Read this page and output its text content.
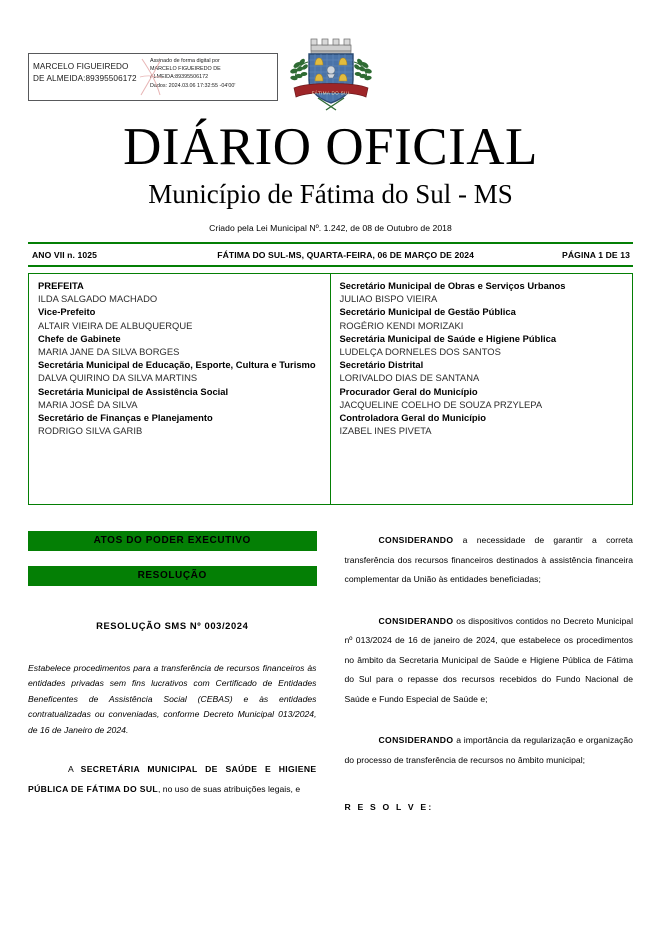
MARCELO FIGUEIREDO DE ALMEIDA:89395506172
Assinado de forma digital por
MARCELO FIGUEIREDO DE
ALMEIDA:89395506172
Dados: 2024.03.06 17:32:55 -04'00'
FÁTIMA DO SUL
DIÁRIO OFICIAL
Município de Fátima do Sul - MS
Criado pela Lei Municipal Nº. 1.242, de 08 de Outubro de 2018
ANO VII n. 1025	FÁTIMA DO SUL-MS, QUARTA-FEIRA, 06 DE MARÇO DE 2024	PÁGINA 1 DE 13
PREFEITA
ILDA SALGADO MACHADO
Vice-Prefeito
ALTAIR VIEIRA DE ALBUQUERQUE
Chefe de Gabinete
MARIA JANE DA SILVA BORGES
Secretária Municipal de Educação, Esporte, Cultura e Turismo
DALVA QUIRINO DA SILVA MARTINS
Secretária Municipal de Assistência Social
MARIA JOSÉ DA SILVA
Secretário de Finanças e Planejamento
RODRIGO SILVA GARIB
Secretário Municipal de Obras e Serviços Urbanos
JULIAO BISPO VIEIRA
Secretário Municipal de Gestão Pública
ROGÉRIO KENDI MORIZAKI
Secretária Municipal de Saúde e Higiene Pública
LUDELÇA DORNELES DOS SANTOS
Secretário Distrital
LORIVALDO DIAS DE SANTANA
Procurador Geral do Município
JACQUELINE COELHO DE SOUZA PRZYLEPA
Controladora Geral do Município
IZABEL INES PIVETA
ATOS DO PODER EXECUTIVO
RESOLUÇÃO
RESOLUÇÃO SMS Nº 003/2024
Estabelece procedimentos para a transferência de recursos financeiros às entidades privadas sem fins lucrativos com Certificado de Entidades Beneficentes de Assistência Social (CEBAS) e às entidades contratualizadas ou conveniadas, conforme Decreto Municipal 013/2024, de 16 de Janeiro de 2024.
A SECRETÁRIA MUNICIPAL DE SAÚDE E HIGIENE PÚBLICA DE FÁTIMA DO SUL, no uso de suas atribuições legais, e
CONSIDERANDO a necessidade de garantir a correta transferência dos recursos financeiros destinados à assistência financeira complementar da União às entidades beneficiadas;
CONSIDERANDO os dispositivos contidos no Decreto Municipal nº 013/2024 de 16 de janeiro de 2024, que estabelece os procedimentos no âmbito da Secretaria Municipal de Saúde e Higiene Pública de Fátima do Sul para o repasse dos recursos recebidos do Fundo Nacional de Saúde e Fundo Especial de Saúde e;
CONSIDERANDO a importância da regularização e organização do processo de transferência de recursos no âmbito municipal;
R E S O L V E:
